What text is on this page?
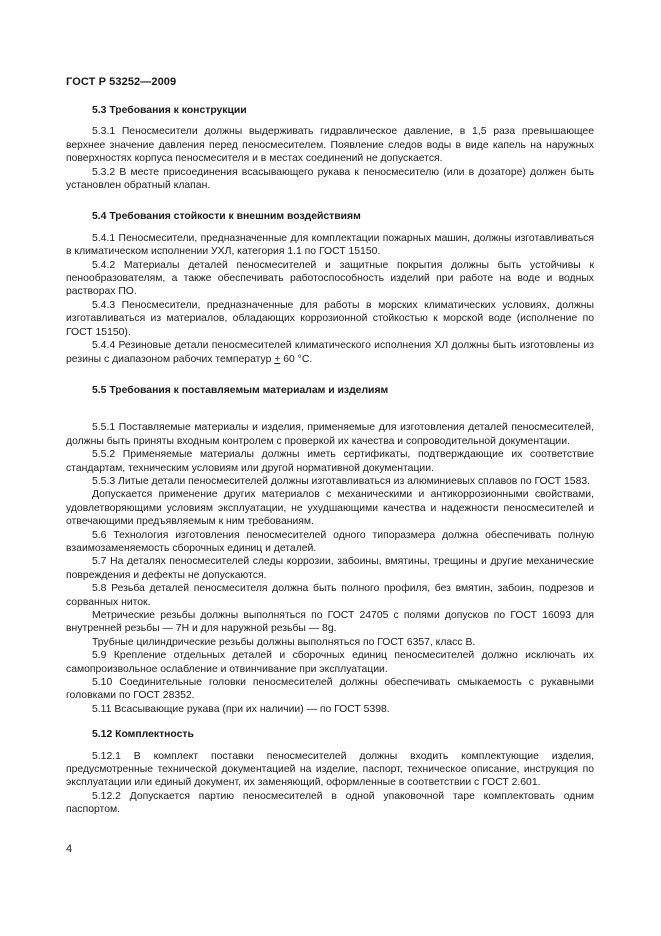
ГОСТ Р 53252—2009
5.3 Требования к конструкции

5.3.1 Пеносмесители должны выдерживать гидравлическое давление, в 1,5 раза превышающее верхнее значение давления перед пеносмесителем. Появление следов воды в виде капель на наружных поверхностях корпуса пеносмесителя и в местах соединений не допускается.

5.3.2 В месте присоединения всасывающего рукава к пеносмесителю (или в дозаторе) должен быть установлен обратный клапан.

5.4 Требования стойкости к внешним воздействиям

5.4.1 Пеносмесители, предназначенные для комплектации пожарных машин, должны изготавливаться в климатическом исполнении УХЛ, категория 1.1 по ГОСТ 15150.

5.4.2 Материалы деталей пеносмесителей и защитные покрытия должны быть устойчивы к пенообразователям, а также обеспечивать работоспособность изделий при работе на воде и водных растворах ПО.

5.4.3 Пеносмесители, предназначенные для работы в морских климатических условиях, должны изготавливаться из материалов, обладающих коррозионной стойкостью к морской воде (исполнение по ГОСТ 15150).

5.4.4 Резиновые детали пеносмесителей климатического исполнения ХЛ должны быть изготовлены из резины с диапазоном рабочих температур + 60 °С.

5.5 Требования к поставляемым материалам и изделиям

5.5.1 Поставляемые материалы и изделия, применяемые для изготовления деталей пеносмесителей, должны быть приняты входным контролем с проверкой их качества и сопроводительной документации.

5.5.2 Применяемые материалы должны иметь сертификаты, подтверждающие их соответствие стандартам, техническим условиям или другой нормативной документации.

5.5.3 Литые детали пеносмесителей должны изготавливаться из алюминиевых сплавов по ГОСТ 1583.

Допускается применение других материалов с механическими и антикоррозионными свойствами, удовлетворяющими условиям эксплуатации, не ухудшающими качества и надежности пеносмесителей и отвечающими предъявляемым к ним требованиям.

5.6 Технология изготовления пеносмесителей одного типоразмера должна обеспечивать полную взаимозаменяемость сборочных единиц и деталей.

5.7 На деталях пеносмесителей следы коррозии, забоины, вмятины, трещины и другие механические повреждения и дефекты не допускаются.

5.8 Резьба деталей пеносмесителя должна быть полного профиля, без вмятин, забоин, подрезов и сорванных ниток.

Метрические резьбы должны выполняться по ГОСТ 24705 с полями допусков по ГОСТ 16093 для внутренней резьбы — 7Н и для наружной резьбы — 8g.

Трубные цилиндрические резьбы должны выполняться по ГОСТ 6357, класс В.

5.9 Крепление отдельных деталей и сборочных единиц пеносмесителей должно исключать их самопроизвольное ослабление и отвинчивание при эксплуатации.

5.10 Соединительные головки пеносмесителей должны обеспечивать смыкаемость с рукавными головками по ГОСТ 28352.

5.11 Всасывающие рукава (при их наличии) — по ГОСТ 5398.

5.12 Комплектность

5.12.1 В комплект поставки пеносмесителей должны входить комплектующие изделия, предусмотренные технической документацией на изделие, паспорт, техническое описание, инструкция по эксплуатации или единый документ, их заменяющий, оформленные в соответствии с ГОСТ 2.601.

5.12.2 Допускается партию пеносмесителей в одной упаковочной таре комплектовать одним паспортом.

4
